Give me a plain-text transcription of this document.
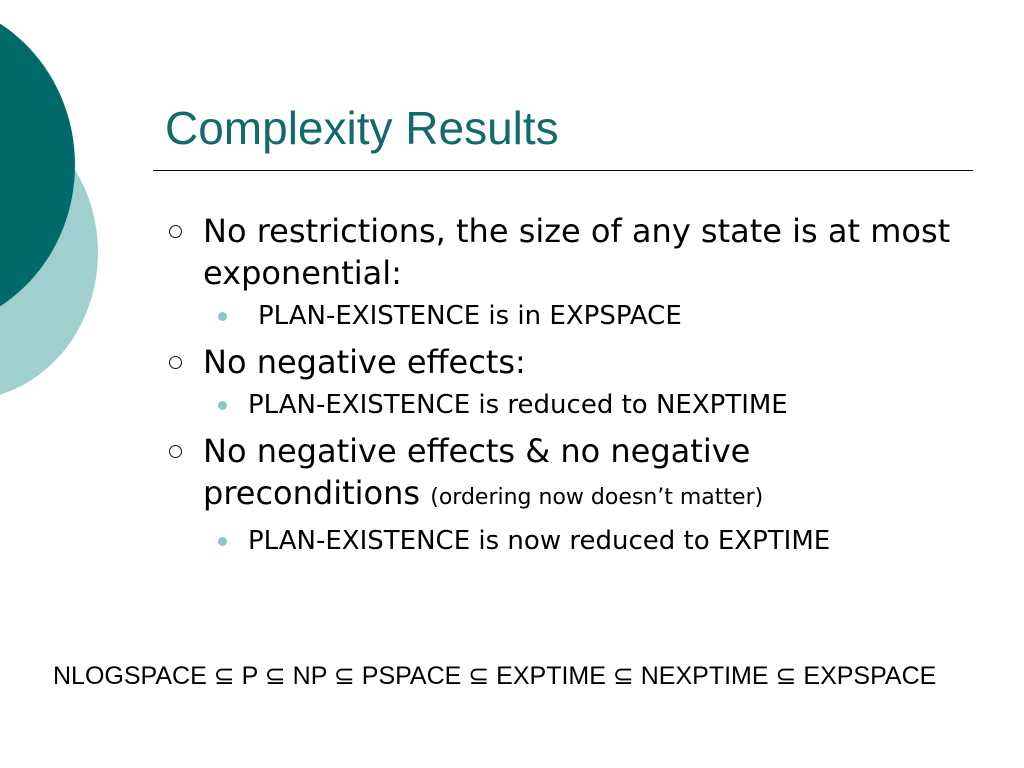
Complexity Results
No restrictions, the size of any state is at most exponential:
PLAN-EXISTENCE is in EXPSPACE
No negative effects:
PLAN-EXISTENCE is reduced to NEXPTIME
No negative effects & no negative preconditions (ordering now doesn’t matter)
PLAN-EXISTENCE is now reduced to EXPTIME

NLOGSPACE ⊆ P ⊆ NP ⊆ PSPACE ⊆ EXPTIME ⊆ NEXPTIME ⊆ EXPSPACE
